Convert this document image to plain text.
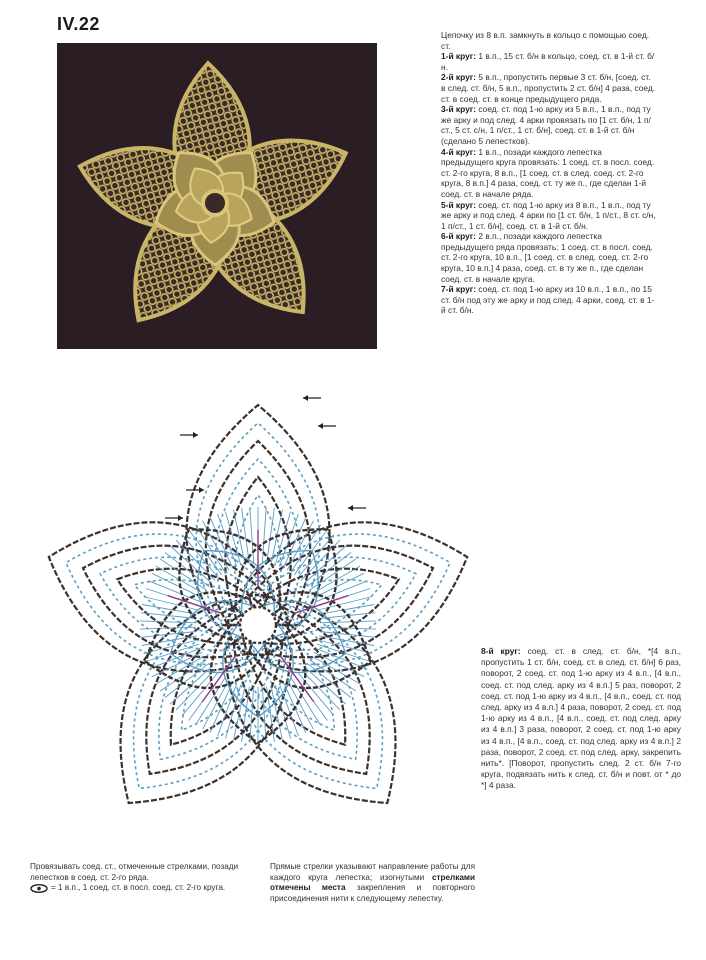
IV.22

Цепочку из 8 в.п. замкнуть в кольцо с помощью соед. ст.

1-й круг: 1 в.п., 15 ст. б/н в кольцо, соед. ст. в 1-й ст. б/н.

2-й круг: 5 в.п., пропустить первые 3 ст. б/н, [соед. ст. в след. ст. б/н, 5 в.п., пропустить 2 ст. б/н] 4 раза, соед. ст. в соед. ст. в конце предыдущего ряда.

3-й круг: соед. ст. под 1-ю арку из 5 в.п., 1 в.п., под ту же арку и под след. 4 арки провязать по [1 ст. б/н, 1 п/ст., 5 ст. с/н, 1 п/ст., 1 ст. б/н], соед. ст. в 1-й ст. б/н (сделано 5 лепестков).

4-й круг: 1 в.п., позади каждого лепестка предыдущего круга провязать: 1 соед. ст. в посл. соед. ст. 2-го круга, 8 в.п., [1 соед. ст. в след. соед. ст. 2-го круга, 8 в.п.] 4 раза, соед. ст. ту же п., где сделан 1-й соед. ст. в начале ряда.

5-й круг: соед. ст. под 1-ю арку из 8 в.п., 1 в.п., под ту же арку и под след. 4 арки по [1 ст. б/н, 1 п/ст., 8 ст. с/н, 1 п/ст., 1 ст. б/н], соед. ст. в 1-й ст. б/н.

6-й круг: 2 в.п., позади каждого лепестка предыдущего ряда провязать: 1 соед. ст. в посл. соед. ст. 2-го круга, 10 в.п., [1 соед. ст. в след. соед. ст. 2-го круга, 10 в.п.] 4 раза, соед. ст. в ту же п., где сделан соед. ст. в начале круга.

7-й круг: соед. ст. под 1-ю арку из 10 в.п., 1 в.п., по 15 ст. б/н под эту же арку и под след. 4 арки, соед. ст. в 1-й ст. б/н.

8-й круг: соед. ст. в след. ст. б/н, *[4 в.п., пропустить 1 ст. б/н, соед. ст. в след. ст. б/н] 6 раз, поворот, 2 соед. ст. под 1-ю арку из 4 в.п., [4 в.п., соед. ст. под след. арку из 4 в.п.] 5 раз, поворот, 2 соед. ст. под 1-ю арку из 4 в.п., [4 в.п., соед. ст. под след. арку из 4 в.п.] 4 раза, поворот, 2 соед. ст. под 1-ю арку из 4 в.п., [4 в.п., соед. ст. под след. арку из 4 в.п.] 3 раза, поворот, 2 соед. ст. под 1-ю арку из 4 в.п., [4 в.п., соед. ст. под след. арку из 4 в.п.] 2 раза, поворот, 2 соед. ст. под след. арку, закрепить нить*. [Поворот, пропустить след. 2 ст. б/н 7-го круга, подвязать нить к след. ст. б/н и повт. от * до *] 4 раза.

Провязывать соед. ст., отмеченные стрелками, позади лепестков в соед. ст. 2-го ряда.

= 1 в.п., 1 соед. ст. в посл. соед. ст. 2-го круга.
Прямые стрелки указывают направление работы для каждого круга лепестка; изогнутыми стрелками отмечены места закрепления и повторного присоединения нити к следующему лепестку.
